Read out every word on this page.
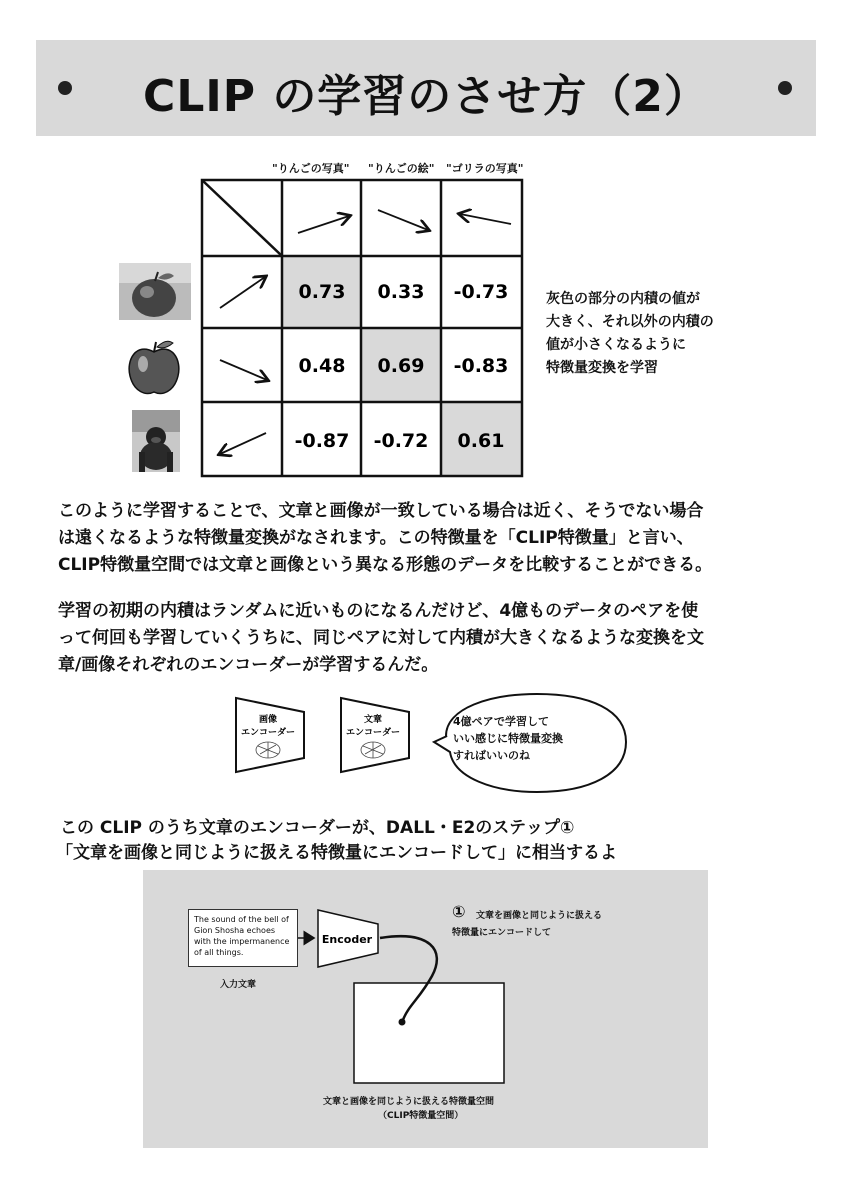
CLIP の学習のさせ方（2）
"りんごの写真" "りんごの絵" "ゴリラの写真"
0.73 0.33 -0.73
0.48 0.69 -0.83
-0.87 -0.72 0.61
灰色の部分の内積の値が
大きく、それ以外の内積の
値が小さくなるように
特徴量変換を学習
このように学習することで、文章と画像が一致している場合は近く、そうでない場合
は遠くなるような特徴量変換がなされます。この特徴量を「CLIP特徴量」と言い、
CLIP特徴量空間では文章と画像という異なる形態のデータを比較することができる。
学習の初期の内積はランダムに近いものになるんだけど、4億ものデータのペアを使
って何回も学習していくうちに、同じペアに対して内積が大きくなるような変換を文
章/画像それぞれのエンコーダーが学習するんだ。
画像
エンコーダー
文章
エンコーダー
4億ペアで学習して
いい感じに特徴量変換
すればいいのね
この CLIP のうち文章のエンコーダーが、DALL・E2のステップ①
「文章を画像と同じように扱える特徴量にエンコードして」に相当するよ
The sound of the bell of Gion Shosha echoes with the impermanence of all things.
入力文章
Encoder
① 文章を画像と同じように扱える
特徴量にエンコードして
文章と画像を同じように扱える特徴量空間
（CLIP特徴量空間）
